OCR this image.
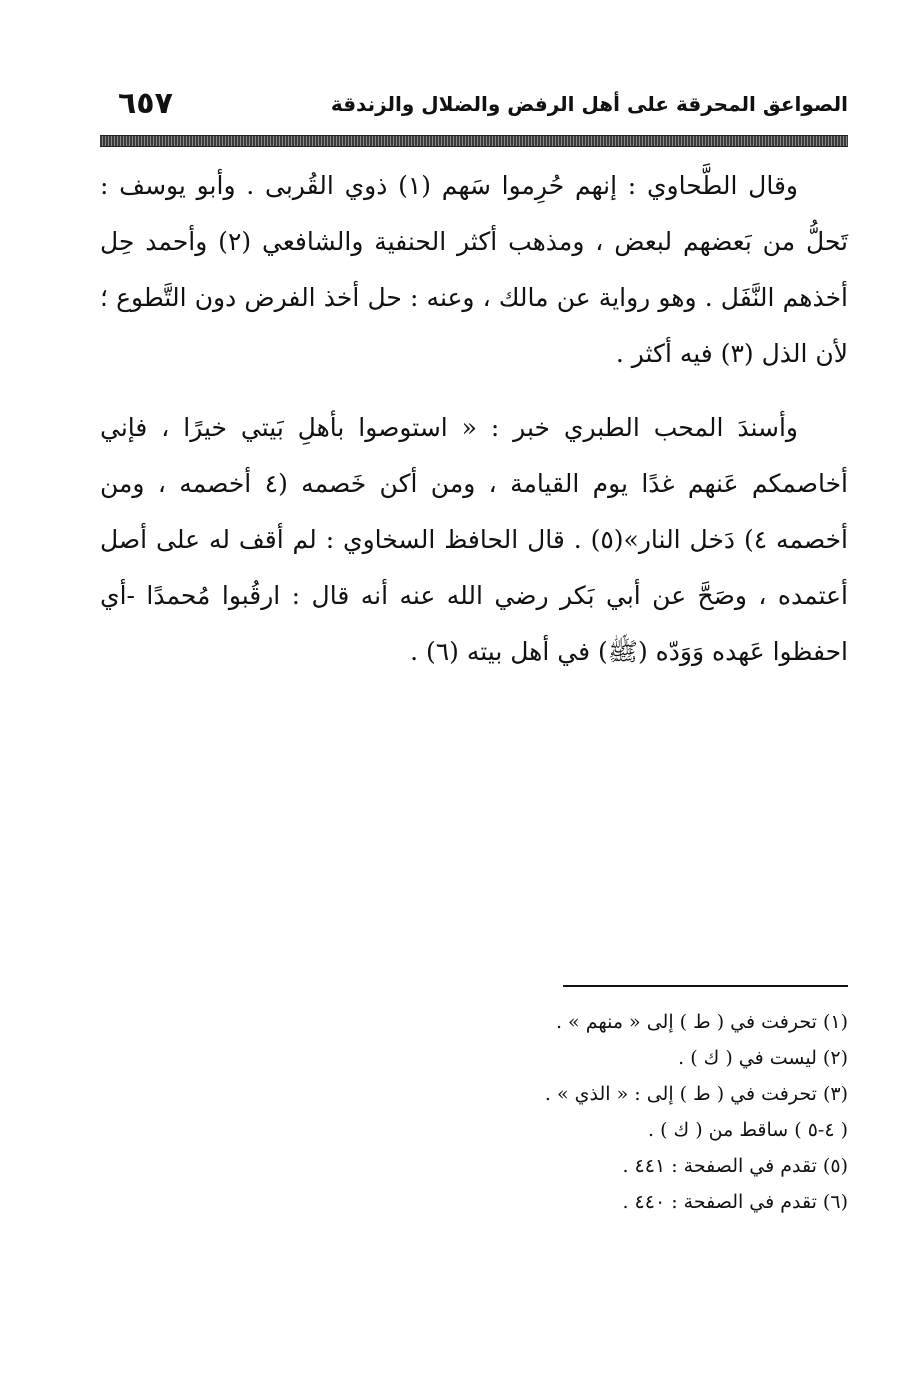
الصواعق المحرقة على أهل الرفض والضلال والزندقة
٦٥٧

وقال الطَّحاوي : إنهم حُرِموا سَهم (١) ذوي القُربى . وأبو يوسف : تَحلُّ من بَعضهم لبعض ، ومذهب أكثر الحنفية والشافعي (٢) وأحمد حِل أخذهم النَّفَل . وهو رواية عن مالك ، وعنه : حل أخذ الفرض دون التَّطوع ؛ لأن الذل (٣) فيه أكثر .

وأسندَ المحب الطبري خبر : « استوصوا بأهلِ بَيتي خيرًا ، فإني أخاصمكم عَنهم غدًا يوم القيامة ، ومن أكن خَصمه (٤ أخصمه ، ومن أخصمه ٤) دَخل النار»(٥) . قال الحافظ السخاوي : لم أقف له على أصل أعتمده ، وصَحَّ عن أبي بَكر رضي الله عنه أنه قال : ارقُبوا مُحمدًا -أي احفظوا عَهده وَوَدّه (ﷺ) في أهل بيته (٦) .

(١) تحرفت في ( ط ) إلى « منهم » .
(٢) ليست في ( ك ) .
(٣) تحرفت في ( ط ) إلى : « الذي » .
( ٤-٥ ) ساقط من ( ك ) .
(٥) تقدم في الصفحة : ٤٤١ .
(٦) تقدم في الصفحة : ٤٤٠ .
